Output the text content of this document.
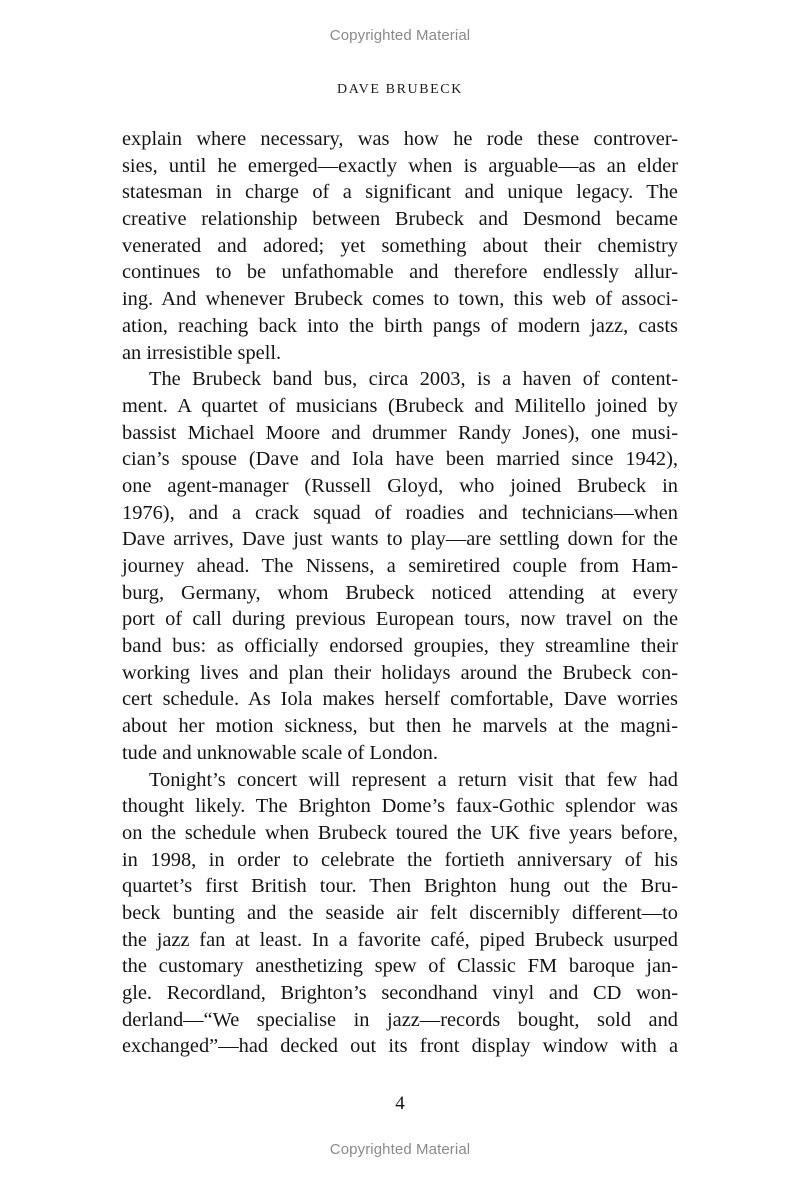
Copyrighted Material
DAVE BRUBECK
explain where necessary, was how he rode these controver-
sies, until he emerged—exactly when is arguable—as an elder
statesman in charge of a significant and unique legacy. The
creative relationship between Brubeck and Desmond became
venerated and adored; yet something about their chemistry
continues to be unfathomable and therefore endlessly allur-
ing. And whenever Brubeck comes to town, this web of associ-
ation, reaching back into the birth pangs of modern jazz, casts
an irresistible spell.
The Brubeck band bus, circa 2003, is a haven of content-
ment. A quartet of musicians (Brubeck and Militello joined by
bassist Michael Moore and drummer Randy Jones), one musi-
cian’s spouse (Dave and Iola have been married since 1942),
one agent-manager (Russell Gloyd, who joined Brubeck in
1976), and a crack squad of roadies and technicians—when
Dave arrives, Dave just wants to play—are settling down for the
journey ahead. The Nissens, a semiretired couple from Ham-
burg, Germany, whom Brubeck noticed attending at every
port of call during previous European tours, now travel on the
band bus: as officially endorsed groupies, they streamline their
working lives and plan their holidays around the Brubeck con-
cert schedule. As Iola makes herself comfortable, Dave worries
about her motion sickness, but then he marvels at the magni-
tude and unknowable scale of London.
Tonight’s concert will represent a return visit that few had
thought likely. The Brighton Dome’s faux-Gothic splendor was
on the schedule when Brubeck toured the UK five years before,
in 1998, in order to celebrate the fortieth anniversary of his
quartet’s first British tour. Then Brighton hung out the Bru-
beck bunting and the seaside air felt discernibly different—to
the jazz fan at least. In a favorite café, piped Brubeck usurped
the customary anesthetizing spew of Classic FM baroque jan-
gle. Recordland, Brighton’s secondhand vinyl and CD won-
derland—“We specialise in jazz—records bought, sold and
exchanged”—had decked out its front display window with a
4
Copyrighted Material
